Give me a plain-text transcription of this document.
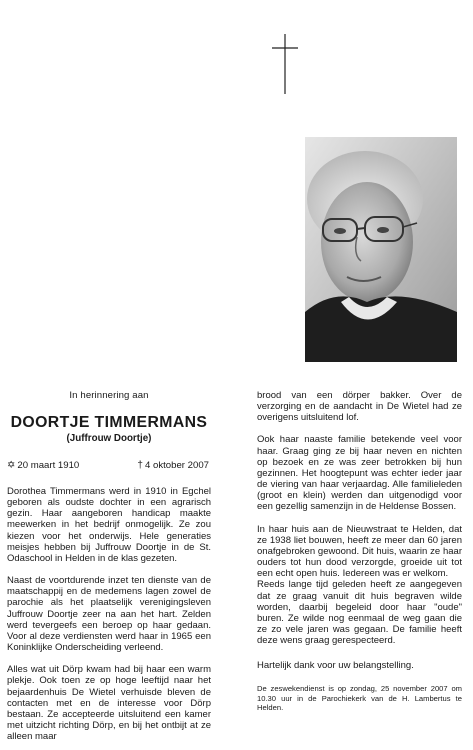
In herinnering aan

DOORTJE TIMMERMANS

(Juffrouw Doortje)

✡ 20 maart 1910	† 4 oktober 2007

Dorothea Timmermans werd in 1910 in Egchel geboren als oudste dochter in een agrarisch gezin. Haar aangeboren handicap maakte meewerken in het bedrijf onmogelijk. Ze zou kiezen voor het onderwijs. Hele generaties meisjes hebben bij Juffrouw Doortje in de St. Odaschool in Helden in de klas gezeten.

Naast de voortdurende inzet ten dienste van de maatschappij en de medemens lagen zowel de parochie als het plaatselijk verenigingsleven Juffrouw Doortje zeer na aan het hart. Zelden werd tevergeefs een beroep op haar gedaan. Voor al deze verdiensten werd haar in 1965 een Koninklijke Onderscheiding verleend.

Alles wat uit Dörp kwam had bij haar een warm plekje. Ook toen ze op hoge leeftijd naar het bejaardenhuis De Wietel verhuisde bleven de contacten met en de interesse voor Dörp bestaan. Ze accepteerde uitsluitend een kamer met uitzicht richting Dörp, en bij het ontbijt at ze alleen maar

brood van een dörper bakker. Over de verzorging en de aandacht in De Wietel had ze overigens uitsluitend lof.

Ook haar naaste familie betekende veel voor haar. Graag ging ze bij haar neven en nichten op bezoek en ze was zeer betrokken bij hun gezinnen. Het hoogtepunt was echter ieder jaar de viering van haar verjaardag. Alle familieleden (groot en klein) werden dan uitgenodigd voor een gezellig samenzijn in de Heldense Bossen.

In haar huis aan de Nieuwstraat te Helden, dat ze 1938 liet bouwen, heeft ze meer dan 60 jaren onafgebroken gewoond. Dit huis, waarin ze haar ouders tot hun dood verzorgde, groeide uit tot een echt open huis. Iedereen was er welkom.

Reeds lange tijd geleden heeft ze aangegeven dat ze graag vanuit dit huis begraven wilde worden, daarbij begeleid door haar "oude" buren. Ze wilde nog eenmaal de weg gaan die ze zo vele jaren was gegaan. De familie heeft deze wens graag gerespecteerd.

Hartelijk dank voor uw belangstelling.

De zeswekendienst is op zondag, 25 november 2007 om 10.30 uur in de Parochiekerk van de H. Lambertus te Helden.
